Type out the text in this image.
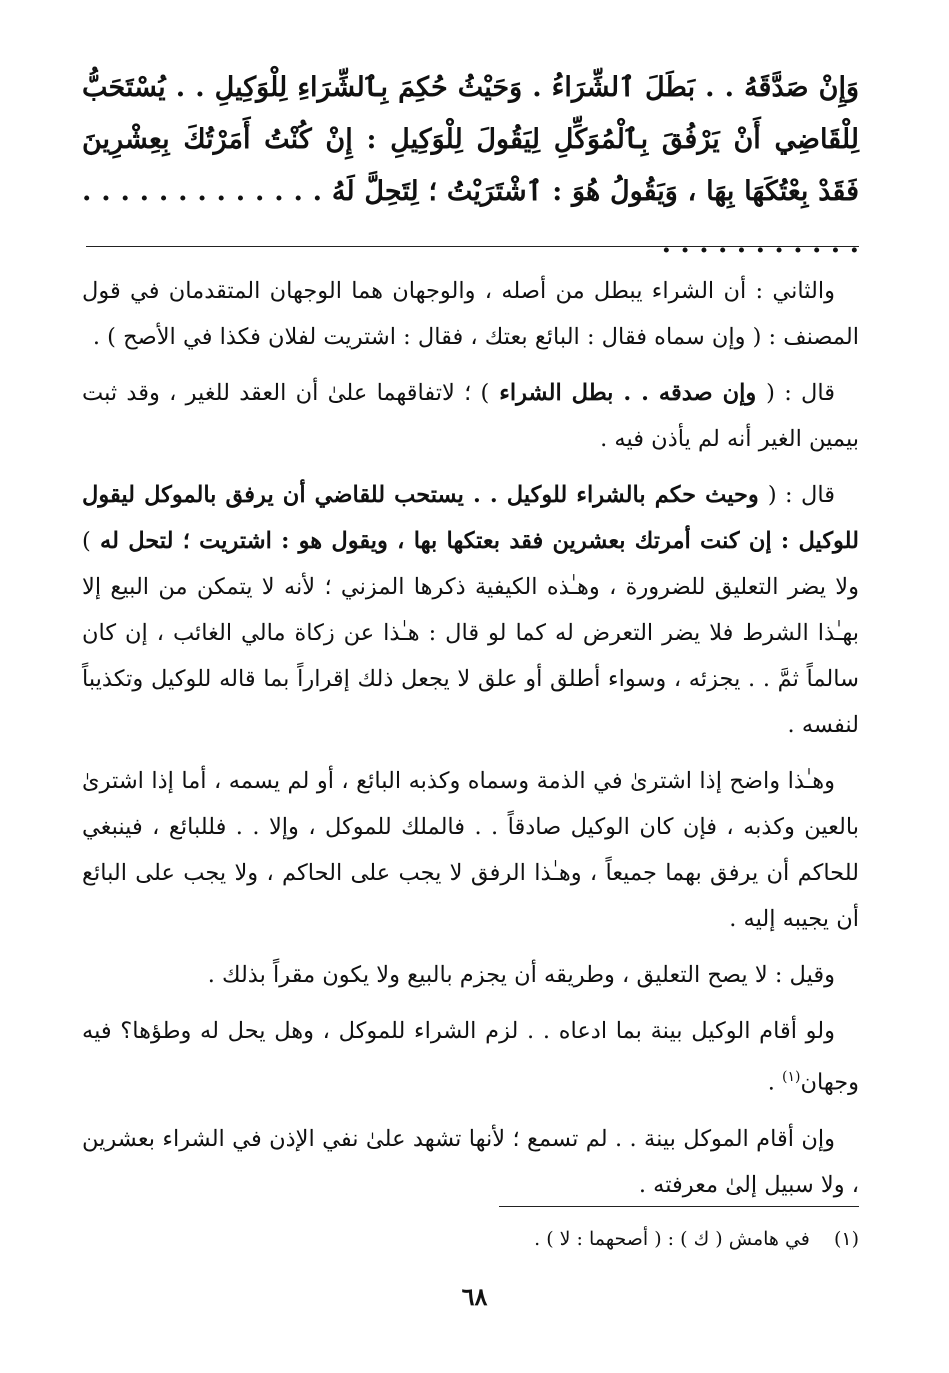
وَإِنْ صَدَّقَهُ . . بَطَلَ ٱلشِّرَاءُ . وَحَيْثُ حُكِمَ بِٱلشِّرَاءِ لِلْوَكِيلِ . . يُسْتَحَبُّ لِلْقَاضِي أَنْ يَرْفُقَ بِٱلْمُوَكِّلِ لِيَقُولَ لِلْوَكِيلِ : إِنْ كُنْتُ أَمَرْتُكَ بِعِشْرِينَ فَقَدْ بِعْتُكَهَا بِهَا ، وَيَقُولُ هُوَ : ٱشْتَرَيْتُ ؛ لِتَحِلَّ لَهُ . . . . . . . . . . . . . . . . . . . . . . . .

والثاني : أن الشراء يبطل من أصله ، والوجهان هما الوجهان المتقدمان في قول المصنف : ( وإن سماه فقال : البائع بعتك ، فقال : اشتريت لفلان فكذا في الأصح ) .

قال : ( وإن صدقه . . بطل الشراء ) ؛ لاتفاقهما علىٰ أن العقد للغير ، وقد ثبت بيمين الغير أنه لم يأذن فيه .

قال : ( وحيث حكم بالشراء للوكيل . . يستحب للقاضي أن يرفق بالموكل ليقول للوكيل : إن كنت أمرتك بعشرين فقد بعتكها بها ، ويقول هو : اشتريت ؛ لتحل له ) ولا يضر التعليق للضرورة ، وهـٰذه الكيفية ذكرها المزني ؛ لأنه لا يتمكن من البيع إلا بهـٰذا الشرط فلا يضر التعرض له كما لو قال : هـٰذا عن زكاة مالي الغائب ، إن كان سالماً ثمَّ . . يجزئه ، وسواء أطلق أو علق لا يجعل ذلك إقراراً بما قاله للوكيل وتكذيباً لنفسه .

وهـٰذا واضح إذا اشترىٰ في الذمة وسماه وكذبه البائع ، أو لم يسمه ، أما إذا اشترىٰ بالعين وكذبه ، فإن كان الوكيل صادقاً . . فالملك للموكل ، وإلا . . فللبائع ، فينبغي للحاكم أن يرفق بهما جميعاً ، وهـٰذا الرفق لا يجب على الحاكم ، ولا يجب على البائع أن يجيبه إليه .

وقيل : لا يصح التعليق ، وطريقه أن يجزم بالبيع ولا يكون مقراً بذلك .

ولو أقام الوكيل بينة بما ادعاه . . لزم الشراء للموكل ، وهل يحل له وطؤها؟ فيه وجهان$^{(١)}$ .

وإن أقام الموكل بينة . . لم تسمع ؛ لأنها تشهد علىٰ نفي الإذن في الشراء بعشرين ، ولا سبيل إلىٰ معرفته .

(١) في هامش ( ك ) : ( أصحهما : لا ) .
٦٨
